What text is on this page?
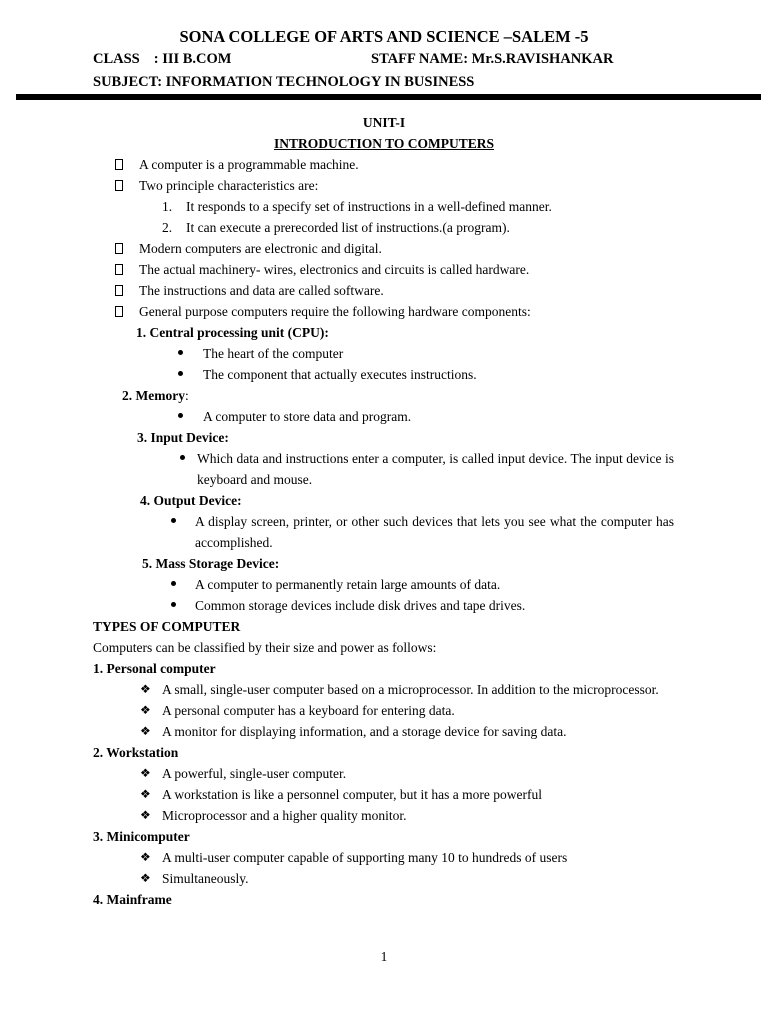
SONA COLLEGE OF ARTS AND SCIENCE –SALEM -5
CLASS : III B.COM	STAFF NAME: Mr.S.RAVISHANKAR
SUBJECT: INFORMATION TECHNOLOGY IN BUSINESS
UNIT-I
INTRODUCTION TO COMPUTERS
A computer is a programmable machine.
Two principle characteristics are:
1. It responds to a specify set of instructions in a well-defined manner.
2. It can execute a prerecorded list of instructions.(a program).
Modern computers are electronic and digital.
The actual machinery- wires, electronics and circuits is called hardware.
The instructions and data are called software.
General purpose computers require the following hardware components:
1. Central processing unit (CPU):
The heart of the computer
The component that actually executes instructions.
2. Memory:
A computer to store data and program.
3. Input Device:
Which data and instructions enter a computer, is called input device. The input device is keyboard and mouse.
4. Output Device:
A display screen, printer, or other such devices that lets you see what the computer has accomplished.
5. Mass Storage Device:
A computer to permanently retain large amounts of data.
Common storage devices include disk drives and tape drives.
TYPES OF COMPUTER
Computers can be classified by their size and power as follows:
1. Personal computer
❖ A small, single-user computer based on a microprocessor. In addition to the microprocessor.
❖ A personal computer has a keyboard for entering data.
❖ A monitor for displaying information, and a storage device for saving data.
2. Workstation
❖ A powerful, single-user computer.
❖ A workstation is like a personnel computer, but it has a more powerful
❖ Microprocessor and a higher quality monitor.
3. Minicomputer
❖ A multi-user computer capable of supporting many 10 to hundreds of users
❖ Simultaneously.
4. Mainframe
1
